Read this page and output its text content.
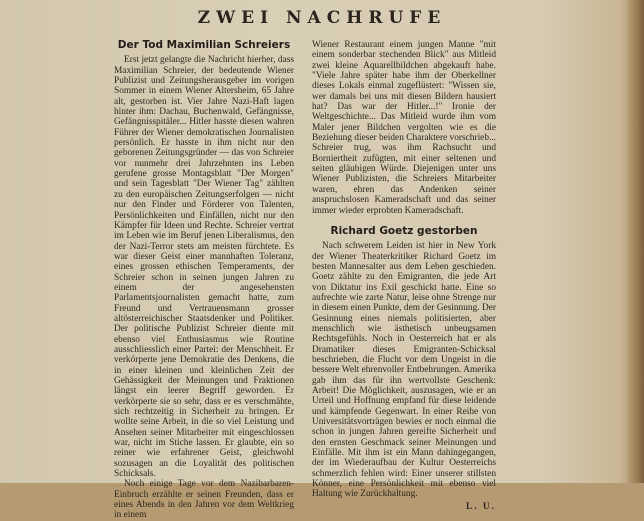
ZWEI NACHRUFE
Der Tod Maximilian Schreiers

Erst jetzt gelangte die Nachricht hierher, dass Maximilian Schreier, der bedeutende Wiener Publizist und Zeitungsherausgeber im vorigen Sommer in einem Wiener Altersheim, 65 Jahre alt, gestorben ist. Vier Jahre Nazi-Haft lagen hinter ihm: Dachau, Buchenwald, Gefängnisse, Gefängnisspitäler... Hitler hasste diesen wahren Führer der Wiener demokratischen Journalisten persönlich. Er hasste in ihm nicht nur den geborenen Zeitungsgründer — das von Schreier vor nunmehr drei Jahrzehnten ins Leben gerufene grosse Montagsblatt "Der Morgen" und sein Tagesblatt "Der Wiener Tag" zählten zu den europäischen Zeitungserfolgen — nicht nur den Finder und Förderer von Talenten, Persönlichkeiten und Einfällen, nicht nur den Kämpfer für Ideen und Rechte. Schreier vertrat im Leben wie im Beruf jenen Liberalismus, den der Nazi-Terror stets am meisten fürchtete. Es war dieser Geist einer mannhaften Toleranz, eines grossen ethischen Temperaments, der Schreier schon in seinen jungen Jahren zu einem der angesehensten Parlamentsjournalisten gemacht hatte, zum Freund und Vertrauensmann grosser altösterreichischer Staatsdenker und Politiker. Der politische Publizist Schreier diente mit ebenso viel Enthusiasmus wie Routine ausschliesslich einer Partei: der Menschheit. Er verkörperte jene Demokratie des Denkens, die in einer kleinen und kleinlichen Zeit der Gehässigkeit der Meinungen und Fraktionen längst ein leerer Begriff geworden. Er verkörperte sie so sehr, dass er es verschmähte, sich rechtzeitig in Sicherheit zu bringen. Er wollte seine Arbeit, in die so viel Leistung und Ansehen seiner Mitarbeiter mit eingeschlossen war, nicht im Stiche lassen. Er glaubte, ein so reiner wie erfahrener Geist, gleichwohl sozusagen an die Loyalität des politischen Schicksals.

Noch einige Tage vor dem Nazibarbaren-Einbruch erzählte er seinen Freunden, dass er eines Abends in den Jahren vor dem Weltkrieg in einem

Wiener Restaurant einem jungen Manne "mit einem sonderbar stechenden Blick" aus Mitleid zwei kleine Aquarellbildchen abgekauft habe. "Viele Jahre später habe ihm der Oberkellner dieses Lokals einmal zugeflüstert: "Wissen sie, wer damals bei uns mit diesen Bildern hausiert hat? Das war der Hitler...!" Ironie der Weltgeschichte... Das Mitleid wurde ihm vom Maler jener Bildchen vergolten wie es die Beziehung dieser beiden Charaktere vorschrieb... Schreier trug, was ihm Rachsucht und Borniertheit zufügten, mit einer seltenen und seiten gläubigen Würde. Diejenigen unter uns Wiener Publizisten, die Schreiers Mitarbeiter waren, ehren das Andenken seiner anspruchslosen Kameradschaft und das seiner immer wieder erprobten Kameradschaft.

Richard Goetz gestorben

Nach schwerem Leiden ist hier in New York der Wiener Theaterkritiker Richard Goetz im besten Mannesalter aus dem Leben geschieden. Goetz zählte zu den Emigranten, die jede Art von Diktatur ins Exil geschickt hatte. Eine so aufrechte wie zarte Natur, leise ohne Strenge nur in diesem einen Punkte, dem der Gesinnung. Der Gesinnung eines niemals politisierten, aber menschlich wie ästhetisch unbeugsamen Rechtsgefühls. Noch in Oesterreich hat er als Dramatiker dieses Emigranten-Schicksal beschrieben, die Flucht vor dem Ungeist in die bessere Welt ehrenvoller Entbehrungen. Amerika gab ihm das für ihn wertvollste Geschenk: Arbeit! Die Möglichkeit, auszusagen, wie er an Urteil und Hoffnung empfand für diese leidende und kämpfende Gegenwart. In einer Reihe von Universitätsvorträgen bewies er noch einmal die schon in jungen Jahren gereifte Sicherheit und den ernsten Geschmack seiner Meinungen und Einfälle. Mit ihm ist ein Mann dahingegangen, der im Wiederaufbau der Kultur Oesterreichs schmerzlich fehlen wird: Einer unserer stillsten Könner, eine Persönlichkeit mit ebenso viel Haltung wie Zurückhaltung.

L. U.
